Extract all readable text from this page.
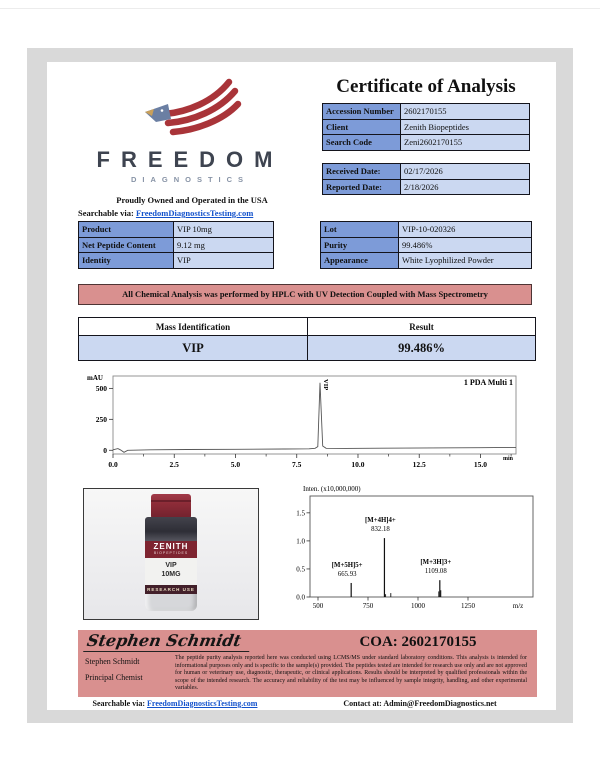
FREEDOM
DIAGNOSTICS
Proudly Owned and Operated in the USA
Searchable via: FreedomDiagnosticsTesting.com
Certificate of Analysis
Accession Number	2602170155
Client	Zenith Biopeptides
Search Code	Zeni2602170155
Received Date:	02/17/2026
Reported Date:	2/18/2026
Product	VIP 10mg
Net Peptide Content	9.12 mg
Identity	VIP
Lot	VIP-10-020326
Purity	99.486%
Appearance	White Lyophilized Powder
All Chemical Analysis was performed by HPLC with UV Detection Coupled with Mass Spectrometry
Mass Identification	Result
VIP	99.486%
mAU
0
250
500
0.0	2.5	5.0	7.5	10.0	12.5	15.0
1 PDA Multi 1
min
VIP
ZENITH
BIOPEPTIDES
VIP
10MG
RESEARCH USE
Inten. (x10,000,000)
0.0
0.5
1.0
1.5
500	750	1000	1250	m/z
[M+5H]5+
665.93
[M+4H]4+
832.18
[M+3H]3+
1109.08
Stephen Schmidt	COA: 2602170155
Stephen Schmidt
Principal Chemist
The peptide purity analysis reported here was conducted using LCMS/MS under standard laboratory conditions. This analysis is intended for informational purposes only and is specific to the sample(s) provided. The peptides tested are intended for research use only and are not approved for human or veterinary use, diagnostic, therapeutic, or clinical applications. Results should be interpreted by qualified professionals within the scope of the intended research. The accuracy and reliability of the test may be influenced by sample integrity, handling, and other experimental variables.
Searchable via: FreedomDiagnosticsTesting.com	Contact at: Admin@FreedomDiagnostics.net
